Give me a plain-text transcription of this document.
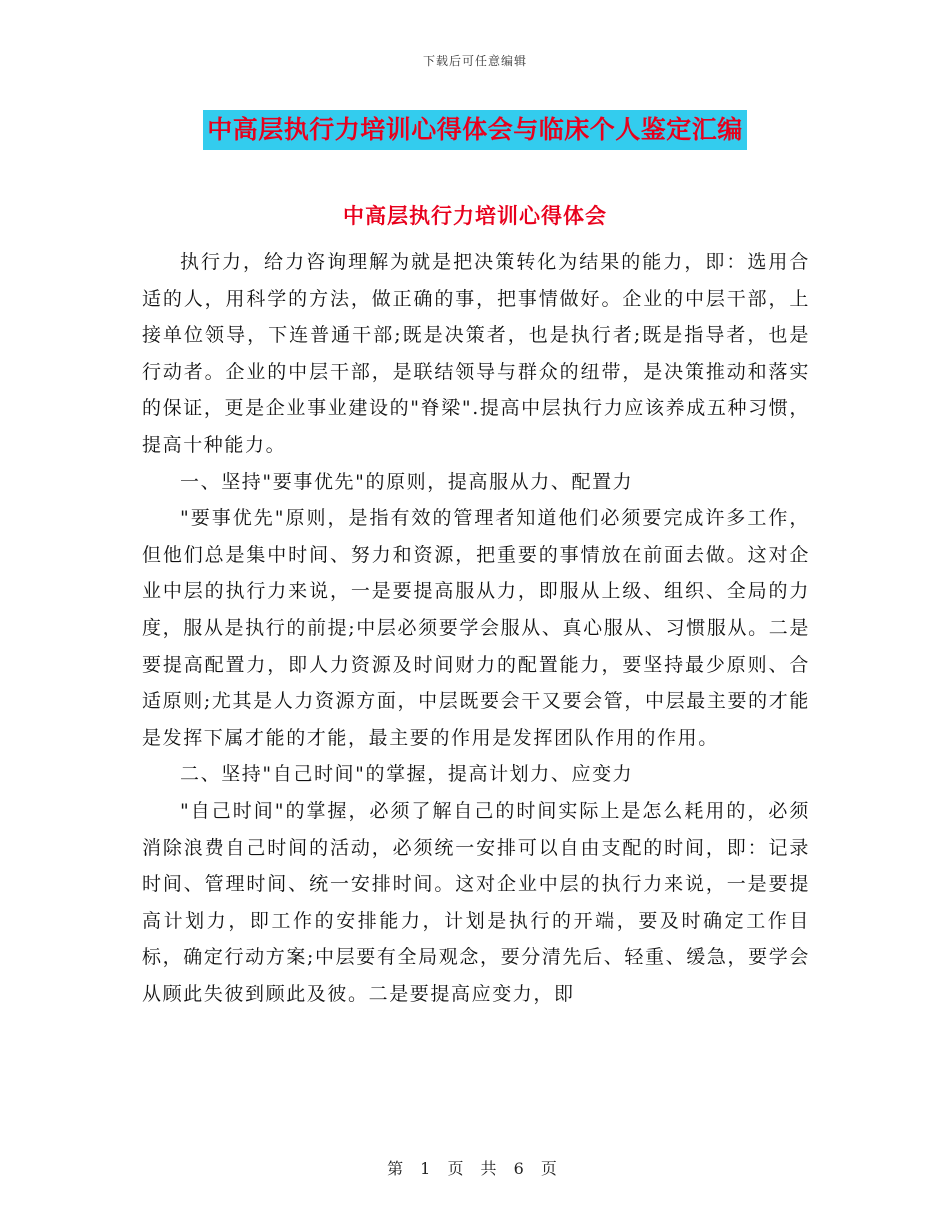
下载后可任意编辑
中高层执行力培训心得体会与临床个人鉴定汇编
中高层执行力培训心得体会

执行力，给力咨询理解为就是把决策转化为结果的能力，即：选用合适的人，用科学的方法，做正确的事，把事情做好。企业的中层干部，上接单位领导，下连普通干部;既是决策者，也是执行者;既是指导者，也是行动者。企业的中层干部，是联结领导与群众的纽带，是决策推动和落实的保证，更是企业事业建设的"脊梁".提高中层执行力应该养成五种习惯，提高十种能力。

一、坚持"要事优先"的原则，提高服从力、配置力

"要事优先"原则，是指有效的管理者知道他们必须要完成许多工作，但他们总是集中时间、努力和资源，把重要的事情放在前面去做。这对企业中层的执行力来说，一是要提高服从力，即服从上级、组织、全局的力度，服从是执行的前提;中层必须要学会服从、真心服从、习惯服从。二是要提高配置力，即人力资源及时间财力的配置能力，要坚持最少原则、合适原则;尤其是人力资源方面，中层既要会干又要会管，中层最主要的才能是发挥下属才能的才能，最主要的作用是发挥团队作用的作用。

二、坚持"自己时间"的掌握，提高计划力、应变力

"自己时间"的掌握，必须了解自己的时间实际上是怎么耗用的，必须消除浪费自己时间的活动，必须统一安排可以自由支配的时间，即：记录时间、管理时间、统一安排时间。这对企业中层的执行力来说，一是要提高计划力，即工作的安排能力，计划是执行的开端，要及时确定工作目标，确定行动方案;中层要有全局观念，要分清先后、轻重、缓急，要学会从顾此失彼到顾此及彼。二是要提高应变力，即

第 1 页 共 6 页
